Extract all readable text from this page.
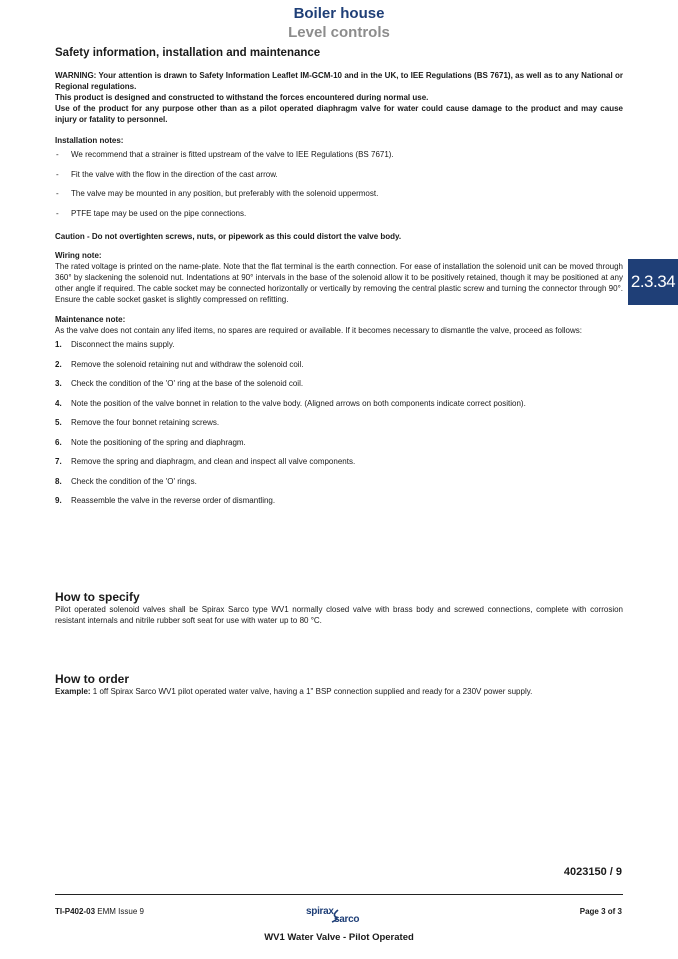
Boiler house
Level controls
2.3.34
Safety information, installation and maintenance

WARNING: Your attention is drawn to Safety Information Leaflet IM-GCM-10 and in the UK, to IEE Regulations (BS 7671), as well as to any National or Regional regulations.

This product is designed and constructed to withstand the forces encountered during normal use.

Use of the product for any purpose other than as a pilot operated diaphragm valve for water could cause damage to the product and may cause injury or fatality to personnel.

Installation notes:

- We recommend that a strainer is fitted upstream of the valve to IEE Regulations (BS 7671).
- Fit the valve with the flow in the direction of the cast arrow.
- The valve may be mounted in any position, but preferably with the solenoid uppermost.
- PTFE tape may be used on the pipe connections.

Caution - Do not overtighten screws, nuts, or pipework as this could distort the valve body.

Wiring note:

The rated voltage is printed on the name-plate. Note that the flat terminal is the earth connection. For ease of installation the solenoid unit can be moved through 360° by slackening the solenoid nut. Indentations at 90° intervals in the base of the solenoid allow it to be positively retained, though it may be positioned at any other angle if required. The cable socket may be connected horizontally or vertically by removing the central plastic screw and turning the connector through 90°. Ensure the cable socket gasket is slightly compressed on refitting.

Maintenance note:

As the valve does not contain any lifed items, no spares are required or available. If it becomes necessary to dismantle the valve, proceed as follows:

1. Disconnect the mains supply.
2. Remove the solenoid retaining nut and withdraw the solenoid coil.
3. Check the condition of the 'O' ring at the base of the solenoid coil.
4. Note the position of the valve bonnet in relation to the valve body. (Aligned arrows on both components indicate correct position).
5. Remove the four bonnet retaining screws.
6. Note the positioning of the spring and diaphragm.
7. Remove the spring and diaphragm, and clean and inspect all valve components.
8. Check the condition of the 'O' rings.
9. Reassemble the valve in the reverse order of dismantling.
How to specify

Pilot operated solenoid valves shall be Spirax Sarco type WV1 normally closed valve with brass body and screwed connections, complete with corrosion resistant internals and nitrile rubber soft seat for use with water up to 80 °C.

How to order
Example: 1 off Spirax Sarco WV1 pilot operated water valve, having a 1" BSP connection supplied and ready for a 230V power supply.
4023150 / 9
TI-P402-03 EMM Issue 9	spirax
sarco
Page 3 of 3
WV1 Water Valve - Pilot Operated
